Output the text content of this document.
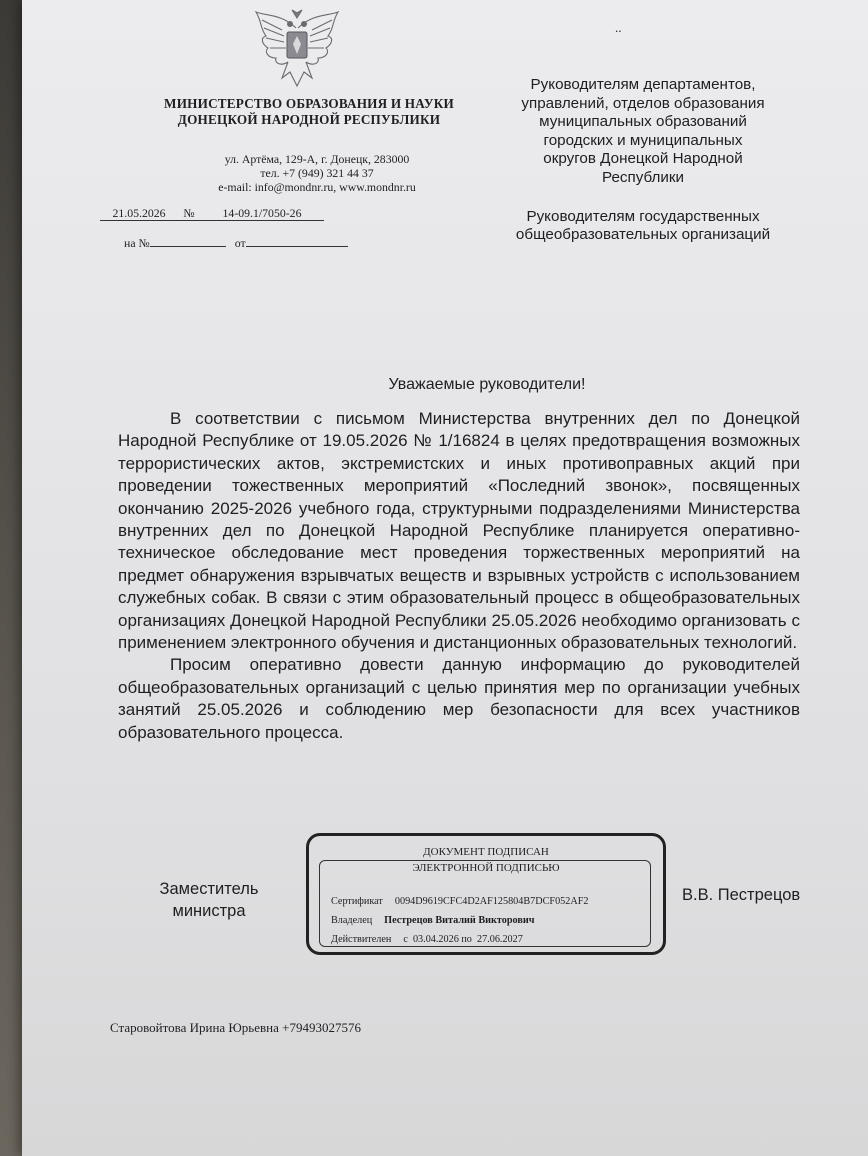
..
МИНИСТЕРСТВО ОБРАЗОВАНИЯ И НАУКИ
ДОНЕЦКОЙ НАРОДНОЙ РЕСПУБЛИКИ
ул. Артёма, 129-А, г. Донецк, 283000
тел. +7 (949) 321 44 37
e-mail: info@mondnr.ru, www.mondnr.ru
21.05.2026 № 14-09.1/7050-26
на №	от

Руководителям департаментов,
управлений, отделов образования
муниципальных образований
городских и муниципальных
округов Донецкой Народной
Республики

Руководителям государственных
общеобразовательных организаций

Уважаемые руководители!

В соответствии с письмом Министерства внутренних дел по Донецкой Народной Республике от 19.05.2026 № 1/16824 в целях предотвращения возможных террористических актов, экстремистских и иных противоправных акций при проведении тожественных мероприятий «Последний звонок», посвященных окончанию 2025-2026 учебного года, структурными подразделениями Министерства внутренних дел по Донецкой Народной Республике планируется оперативно-техническое обследование мест проведения торжественных мероприятий на предмет обнаружения взрывчатых веществ и взрывных устройств с использованием служебных собак. В связи с этим образовательный процесс в общеобразовательных организациях Донецкой Народной Республики 25.05.2026 необходимо организовать с применением электронного обучения и дистанционных образовательных технологий.

Просим оперативно довести данную информацию до руководителей общеобразовательных организаций с целью принятия мер по организации учебных занятий 25.05.2026 и соблюдению мер безопасности для всех участников образовательного процесса.

Заместитель
министра
ДОКУМЕНТ ПОДПИСАН
ЭЛЕКТРОННОЙ ПОДПИСЬЮ
Сертификат 0094D9619CFC4D2AF125804B7DCF052AF2
Владелец Пестрецов Виталий Викторович
Действителен с 03.04.2026 по 27.06.2027
В.В. Пестрецов
Старовойтова Ирина Юрьевна +79493027576
